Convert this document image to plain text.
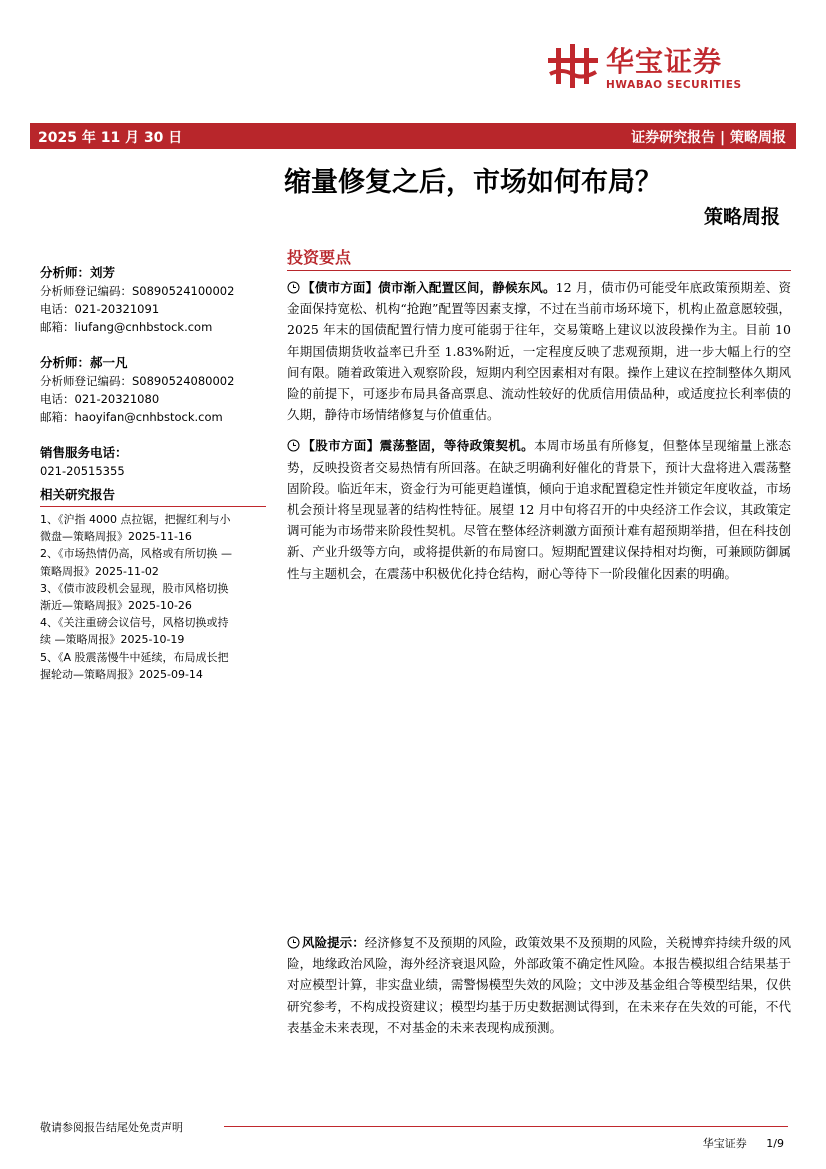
华宝证券
HWABAO SECURITIES
2025 年 11 月 30 日	证券研究报告 | 策略周报
缩量修复之后，市场如何布局？
策略周报
分析师：刘芳
分析师登记编码：S0890524100002
电话：021-20321091
邮箱：liufang@cnhbstock.com
分析师：郝一凡
分析师登记编码：S0890524080002
电话：021-20321080
邮箱：haoyifan@cnhbstock.com
销售服务电话：
021-20515355
相关研究报告
1、《沪指 4000 点拉锯，把握红利与小
微盘—策略周报》2025-11-16
2、《市场热情仍高，风格或有所切换 —
策略周报》2025-11-02
3、《债市波段机会显现，股市风格切换
渐近—策略周报》2025-10-26
4、《关注重磅会议信号，风格切换或持
续 —策略周报》2025-10-19
5、《A 股震荡慢牛中延续，布局成长把
握轮动—策略周报》2025-09-14
投资要点

【债市方面】债市渐入配置区间，静候东风。12 月，债市仍可能受年底政策预期差、资金面保持宽松、机构“抢跑”配置等因素支撑，不过在当前市场环境下，机构止盈意愿较强，2025 年末的国债配置行情力度可能弱于往年，交易策略上建议以波段操作为主。目前 10 年期国债期货收益率已升至 1.83%附近，一定程度反映了悲观预期，进一步大幅上行的空间有限。随着政策进入观察阶段，短期内利空因素相对有限。操作上建议在控制整体久期风险的前提下，可逐步布局具备高票息、流动性较好的优质信用债品种，或适度拉长利率债的久期，静待市场情绪修复与价值重估。

【股市方面】震荡整固，等待政策契机。本周市场虽有所修复，但整体呈现缩量上涨态势，反映投资者交易热情有所回落。在缺乏明确利好催化的背景下，预计大盘将进入震荡整固阶段。临近年末，资金行为可能更趋谨慎，倾向于追求配置稳定性并锁定年度收益，市场机会预计将呈现显著的结构性特征。展望 12 月中旬将召开的中央经济工作会议，其政策定调可能为市场带来阶段性契机。尽管在整体经济刺激方面预计难有超预期举措，但在科技创新、产业升级等方向，或将提供新的布局窗口。短期配置建议保持相对均衡，可兼顾防御属性与主题机会，在震荡中积极优化持仓结构，耐心等待下一阶段催化因素的明确。

风险提示：经济修复不及预期的风险，政策效果不及预期的风险，关税博弈持续升级的风险，地缘政治风险，海外经济衰退风险，外部政策不确定性风险。本报告模拟组合结果基于对应模型计算，非实盘业绩，需警惕模型失效的风险；文中涉及基金组合等模型结果，仅供研究参考，不构成投资建议；模型均基于历史数据测试得到，在未来存在失效的可能，不代表基金未来表现，不对基金的未来表现构成预测。

敬请参阅报告结尾处免责声明
华宝证券 1/9
